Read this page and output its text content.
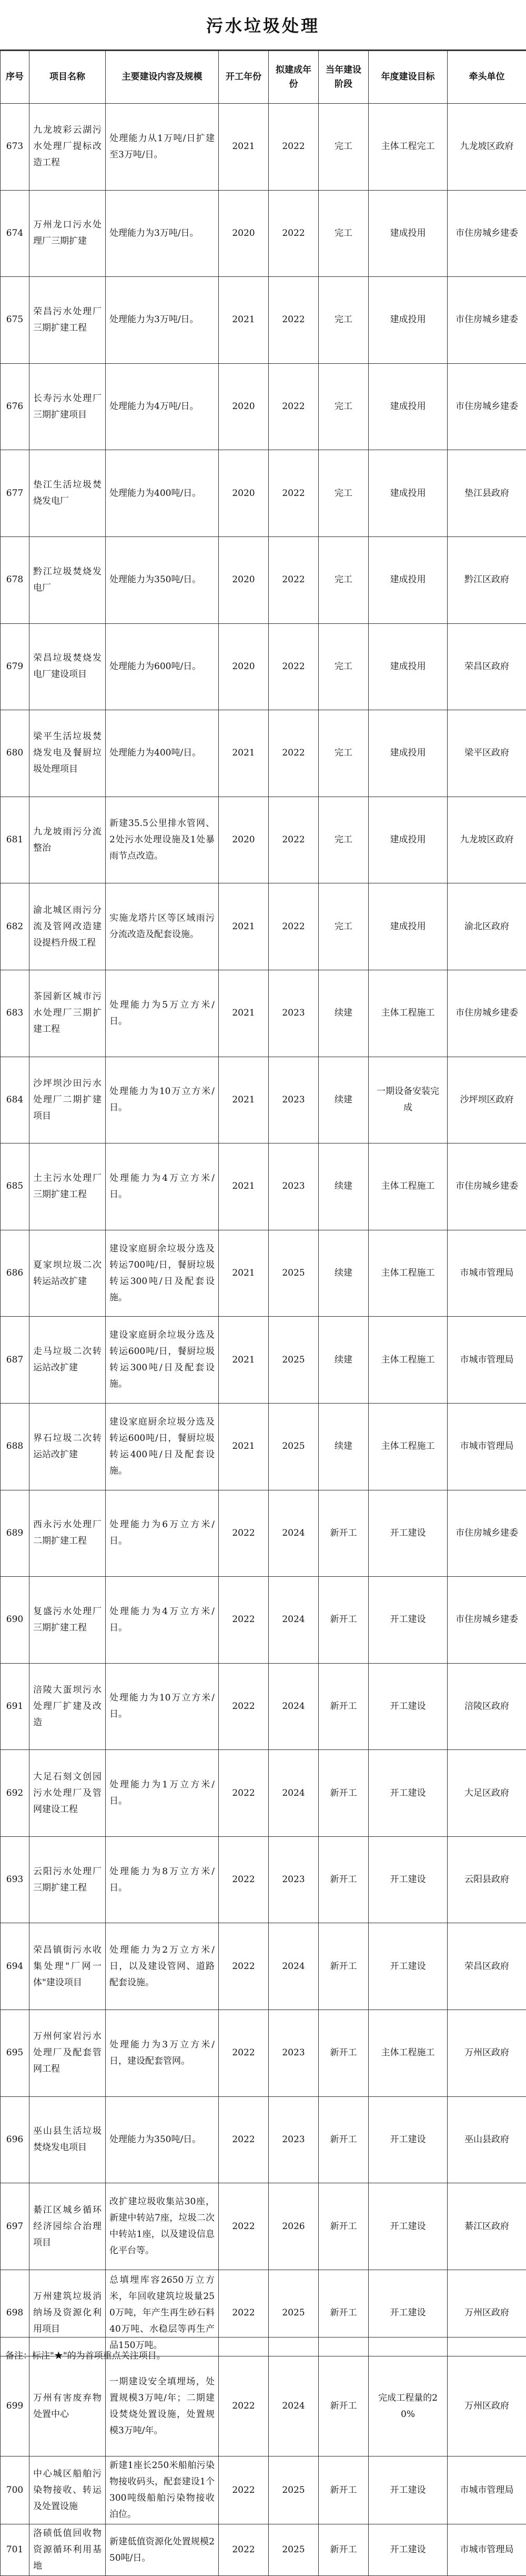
污水垃圾处理
序号	项目名称	主要建设内容及规模	开工年份	拟建成年份	当年建设阶段	年度建设目标	牵头单位
673	九龙坡彩云湖污水处理厂提标改造工程	处理能力从1万吨/日扩建至3万吨/日。	2021	2022	完工	主体工程完工	九龙坡区政府
674	万州龙口污水处理厂三期扩建	处理能力为3万吨/日。	2020	2022	完工	建成投用	市住房城乡建委
675	荣昌污水处理厂三期扩建工程	处理能力为3万吨/日。	2021	2022	完工	建成投用	市住房城乡建委
676	长寿污水处理厂三期扩建项目	处理能力为4万吨/日。	2020	2022	完工	建成投用	市住房城乡建委
677	垫江生活垃圾焚烧发电厂	处理能力为400吨/日。	2020	2022	完工	建成投用	垫江县政府
678	黔江垃圾焚烧发电厂	处理能力为350吨/日。	2020	2022	完工	建成投用	黔江区政府
679	荣昌垃圾焚烧发电厂建设项目	处理能力为600吨/日。	2020	2022	完工	建成投用	荣昌区政府
680	梁平生活垃圾焚烧发电及餐厨垃圾处理项目	处理能力为400吨/日。	2021	2022	完工	建成投用	梁平区政府
681	九龙坡雨污分流整治	新建35.5公里排水管网、2处污水处理设施及1处暴雨节点改造。	2020	2022	完工	建成投用	九龙坡区政府
682	渝北城区雨污分流及管网改造建设提档升级工程	实施龙塔片区等区域雨污分流改造及配套设施。	2021	2022	完工	建成投用	渝北区政府
683	茶园新区城市污水处理厂三期扩建工程	处理能力为5万立方米/日。	2021	2023	续建	主体工程施工	市住房城乡建委
684	沙坪坝沙田污水处理厂二期扩建项目	处理能力为10万立方米/日。	2021	2023	续建	一期设备安装完成	沙坪坝区政府
685	土主污水处理厂三期扩建工程	处理能力为4万立方米/日。	2021	2023	续建	主体工程施工	市住房城乡建委
686	夏家坝垃圾二次转运站改扩建	建设家庭厨余垃圾分选及转运700吨/日，餐厨垃圾转运300吨/日及配套设施。	2021	2025	续建	主体工程施工	市城市管理局
687	走马垃圾二次转运站改扩建	建设家庭厨余垃圾分选及转运600吨/日，餐厨垃圾转运300吨/日及配套设施。	2021	2025	续建	主体工程施工	市城市管理局
688	界石垃圾二次转运站改扩建	建设家庭厨余垃圾分选及转运600吨/日，餐厨垃圾转运400吨/日及配套设施。	2021	2025	续建	主体工程施工	市城市管理局
689	西永污水处理厂二期扩建工程	处理能力为6万立方米/日。	2022	2024	新开工	开工建设	市住房城乡建委
690	复盛污水处理厂三期扩建工程	处理能力为4万立方米/日。	2022	2024	新开工	开工建设	市住房城乡建委
691	涪陵大蛋坝污水处理厂扩建及改造	处理能力为10万立方米/日。	2022	2024	新开工	开工建设	涪陵区政府
692	大足石刻文创园污水处理厂及管网建设工程	处理能力为1万立方米/日。	2022	2024	新开工	开工建设	大足区政府
693	云阳污水处理厂三期扩建工程	处理能力为8万立方米/日。	2022	2023	新开工	开工建设	云阳县政府
694	荣昌镇街污水收集处理"厂网一体"建设项目	处理能力为2万立方米/日，以及建设管网、道路配套设施。	2022	2024	新开工	开工建设	荣昌区政府
695	万州何家岩污水处理厂及配套管网工程	处理能力为3万立方米/日，建设配套管网。	2022	2023	新开工	主体工程施工	万州区政府
696	巫山县生活垃圾焚烧发电项目	处理能力为350吨/日。	2022	2023	新开工	开工建设	巫山县政府
697	綦江区城乡循环经济园综合治理项目	改扩建垃圾收集站30座，新建中转站7座，垃圾二次中转站1座，以及建设信息化平台等。	2022	2026	新开工	开工建设	綦江区政府
698	万州建筑垃圾消纳场及资源化利用项目	总填埋库容2650万立方米，年回收建筑垃圾量250万吨，年产生再生砂石料40万吨、水稳层等再生产品150万吨。	2022	2025	新开工	开工建设	万州区政府
699	万州有害废弃物处置中心	一期建设安全填埋场，处置规模3万吨/年；二期建设焚烧处置设施，处置规模3万吨/年。	2022	2024	新开工	完成工程量的20%	万州区政府
700	中心城区船舶污染物接收、转运及处置设施	新建1座长250米船舶污染物接收码头，配套建设1个300吨级船舶污染物接收泊位。	2022	2025	新开工	开工建设	市城市管理局
701	洛碛低值回收物资源循环利用基地	新建低值资源化处置规模250吨/日。	2022	2025	新开工	开工建设	市城市管理局
备注：标注"★"的为首项重点关注项目。
